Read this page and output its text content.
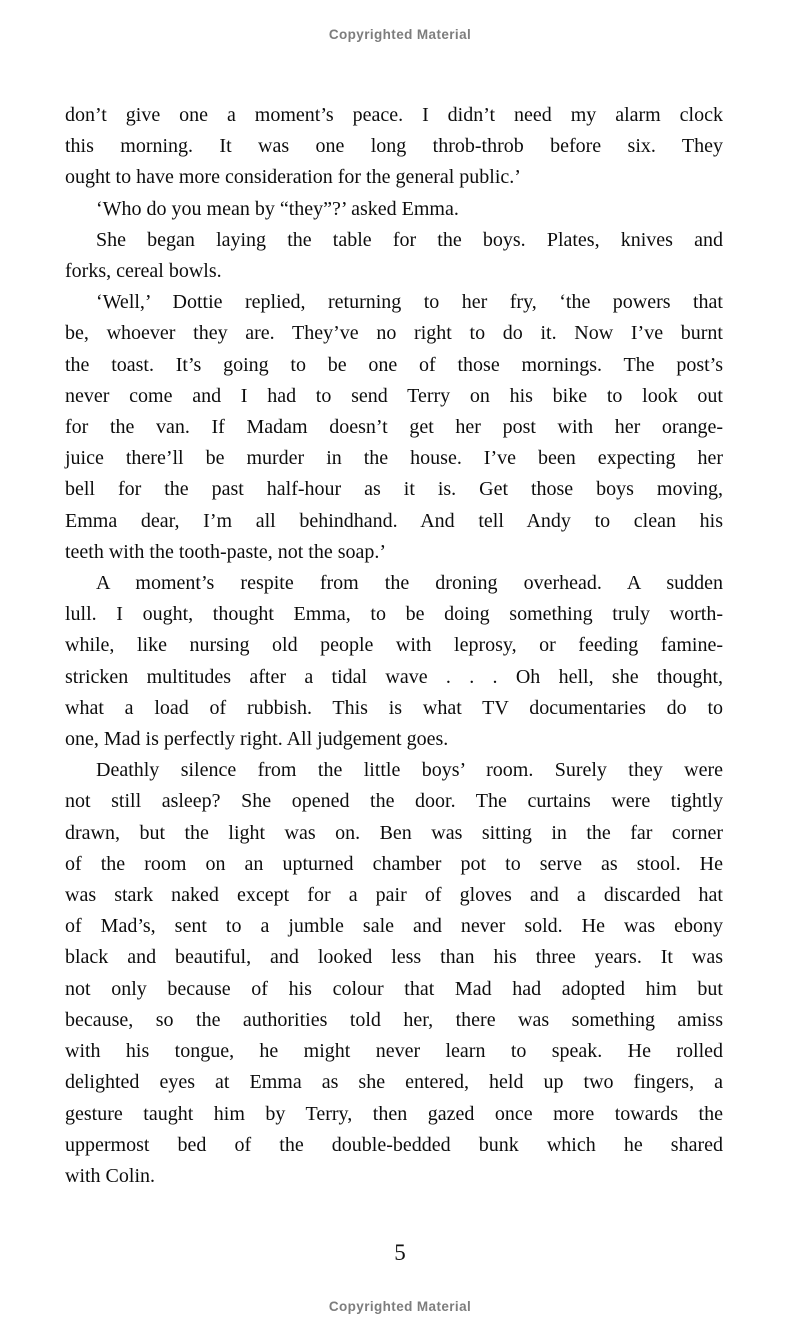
Copyrighted Material
don’t give one a moment’s peace. I didn’t need my alarm clock
this morning. It was one long throb-throb before six. They
ought to have more consideration for the general public.’
‘Who do you mean by “they”?’ asked Emma.
She began laying the table for the boys. Plates, knives and
forks, cereal bowls.
‘Well,’ Dottie replied, returning to her fry, ‘the powers that
be, whoever they are. They’ve no right to do it. Now I’ve burnt
the toast. It’s going to be one of those mornings. The post’s
never come and I had to send Terry on his bike to look out
for the van. If Madam doesn’t get her post with her orange-
juice there’ll be murder in the house. I’ve been expecting her
bell for the past half-hour as it is. Get those boys moving,
Emma dear, I’m all behindhand. And tell Andy to clean his
teeth with the tooth-paste, not the soap.’
A moment’s respite from the droning overhead. A sudden
lull. I ought, thought Emma, to be doing something truly worth-
while, like nursing old people with leprosy, or feeding famine-
stricken multitudes after a tidal wave . . . Oh hell, she thought,
what a load of rubbish. This is what TV documentaries do to
one, Mad is perfectly right. All judgement goes.
Deathly silence from the little boys’ room. Surely they were
not still asleep? She opened the door. The curtains were tightly
drawn, but the light was on. Ben was sitting in the far corner
of the room on an upturned chamber pot to serve as stool. He
was stark naked except for a pair of gloves and a discarded hat
of Mad’s, sent to a jumble sale and never sold. He was ebony
black and beautiful, and looked less than his three years. It was
not only because of his colour that Mad had adopted him but
because, so the authorities told her, there was something amiss
with his tongue, he might never learn to speak. He rolled
delighted eyes at Emma as she entered, held up two fingers, a
gesture taught him by Terry, then gazed once more towards the
uppermost bed of the double-bedded bunk which he shared
with Colin.
5
Copyrighted Material
